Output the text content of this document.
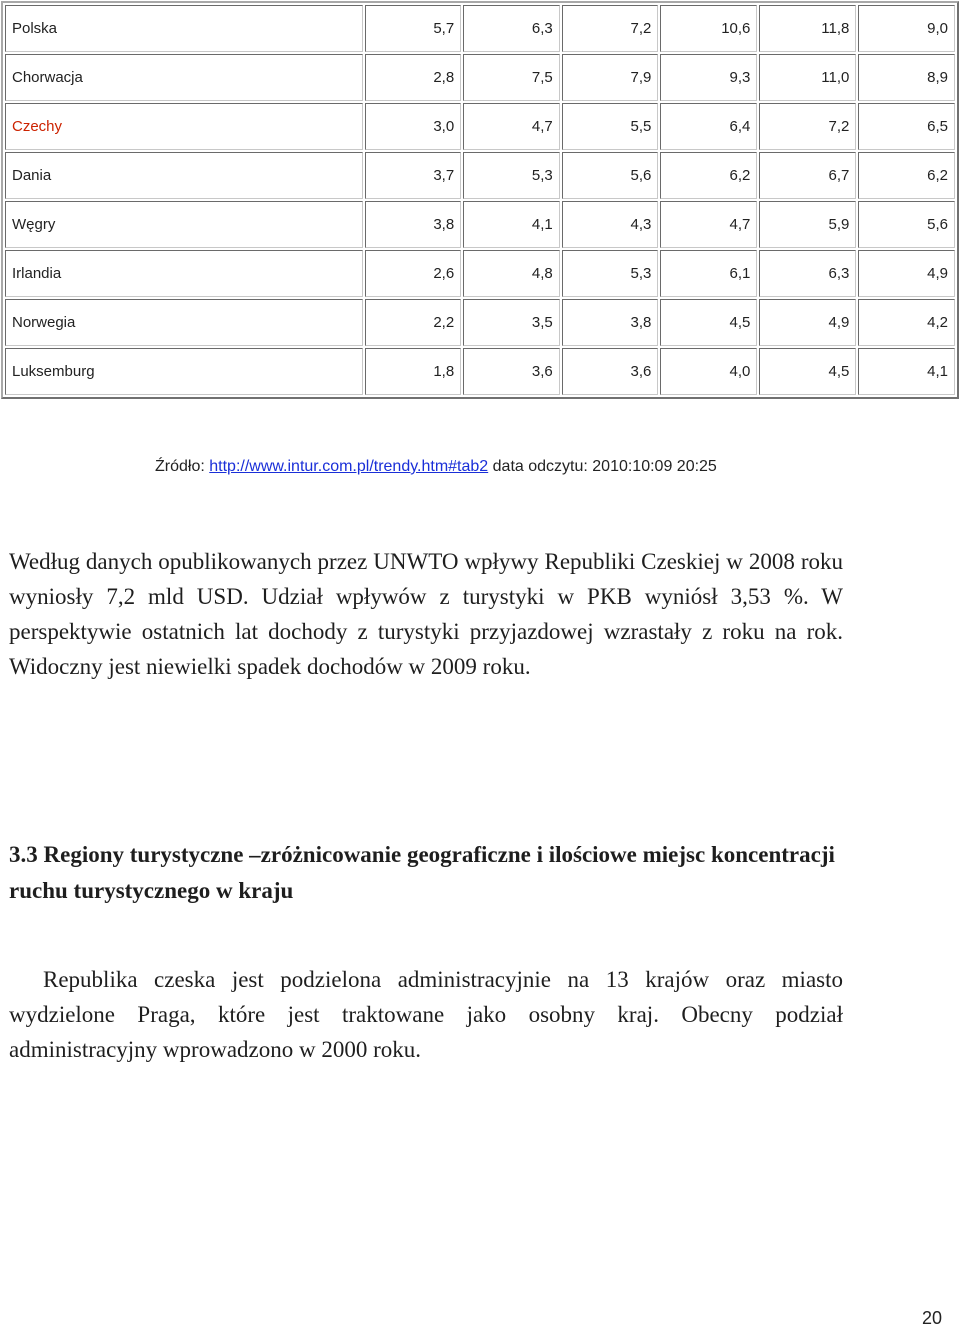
Polska	5,7	6,3	7,2	10,6	11,8	9,0
Chorwacja	2,8	7,5	7,9	9,3	11,0	8,9
Czechy	3,0	4,7	5,5	6,4	7,2	6,5
Dania	3,7	5,3	5,6	6,2	6,7	6,2
Węgry	3,8	4,1	4,3	4,7	5,9	5,6
Irlandia	2,6	4,8	5,3	6,1	6,3	4,9
Norwegia	2,2	3,5	3,8	4,5	4,9	4,2
Luksemburg	1,8	3,6	3,6	4,0	4,5	4,1
Źródło: http://www.intur.com.pl/trendy.htm#tab2 data odczytu: 2010:10:09 20:25

Według danych opublikowanych przez UNWTO wpływy Republiki Czeskiej w 2008 roku wyniosły 7,2 mld USD. Udział wpływów z turystyki w PKB wyniósł 3,53 %. W perspektywie ostatnich lat dochody z turystyki przyjazdowej wzrastały z roku na rok. Widoczny jest niewielki spadek dochodów w 2009 roku.

3.3 Regiony turystyczne –zróżnicowanie geograficzne i ilościowe miejsc koncentracji ruchu turystycznego w kraju

Republika czeska jest podzielona administracyjnie na 13 krajów oraz miasto wydzielone Praga, które jest traktowane jako osobny kraj. Obecny podział administracyjny wprowadzono w 2000 roku.

20
